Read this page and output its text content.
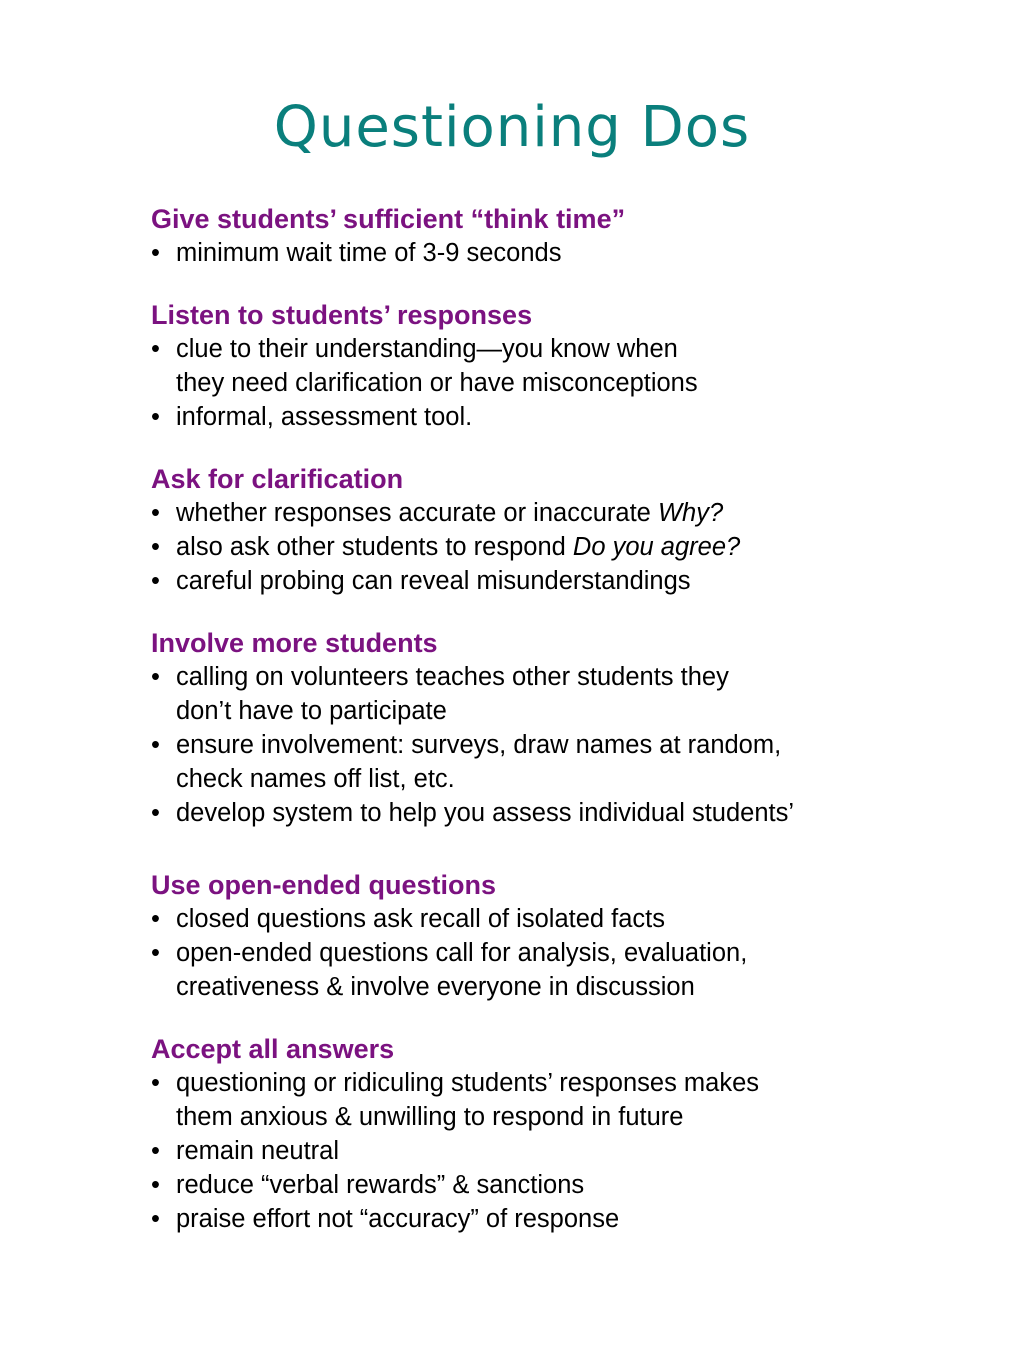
Questioning Dos
Give students’ sufficient “think time”
• minimum wait time of 3-9 seconds
Listen to students’ responses
• clue to their understanding—you know when
they need clarification or have misconceptions
• informal, assessment tool.
Ask for clarification
• whether responses accurate or inaccurate Why?
• also ask other students to respond Do you agree?
• careful probing can reveal misunderstandings
Involve more students
• calling on volunteers teaches other students they
don’t have to participate
• ensure involvement: surveys, draw names at random,
check names off list, etc.
• develop system to help you assess individual students’
Use open-ended questions
• closed questions ask recall of isolated facts
• open-ended questions call for analysis, evaluation,
creativeness & involve everyone in discussion
Accept all answers
• questioning or ridiculing students’ responses makes
them anxious & unwilling to respond in future
• remain neutral
• reduce “verbal rewards” & sanctions
• praise effort not “accuracy” of response
